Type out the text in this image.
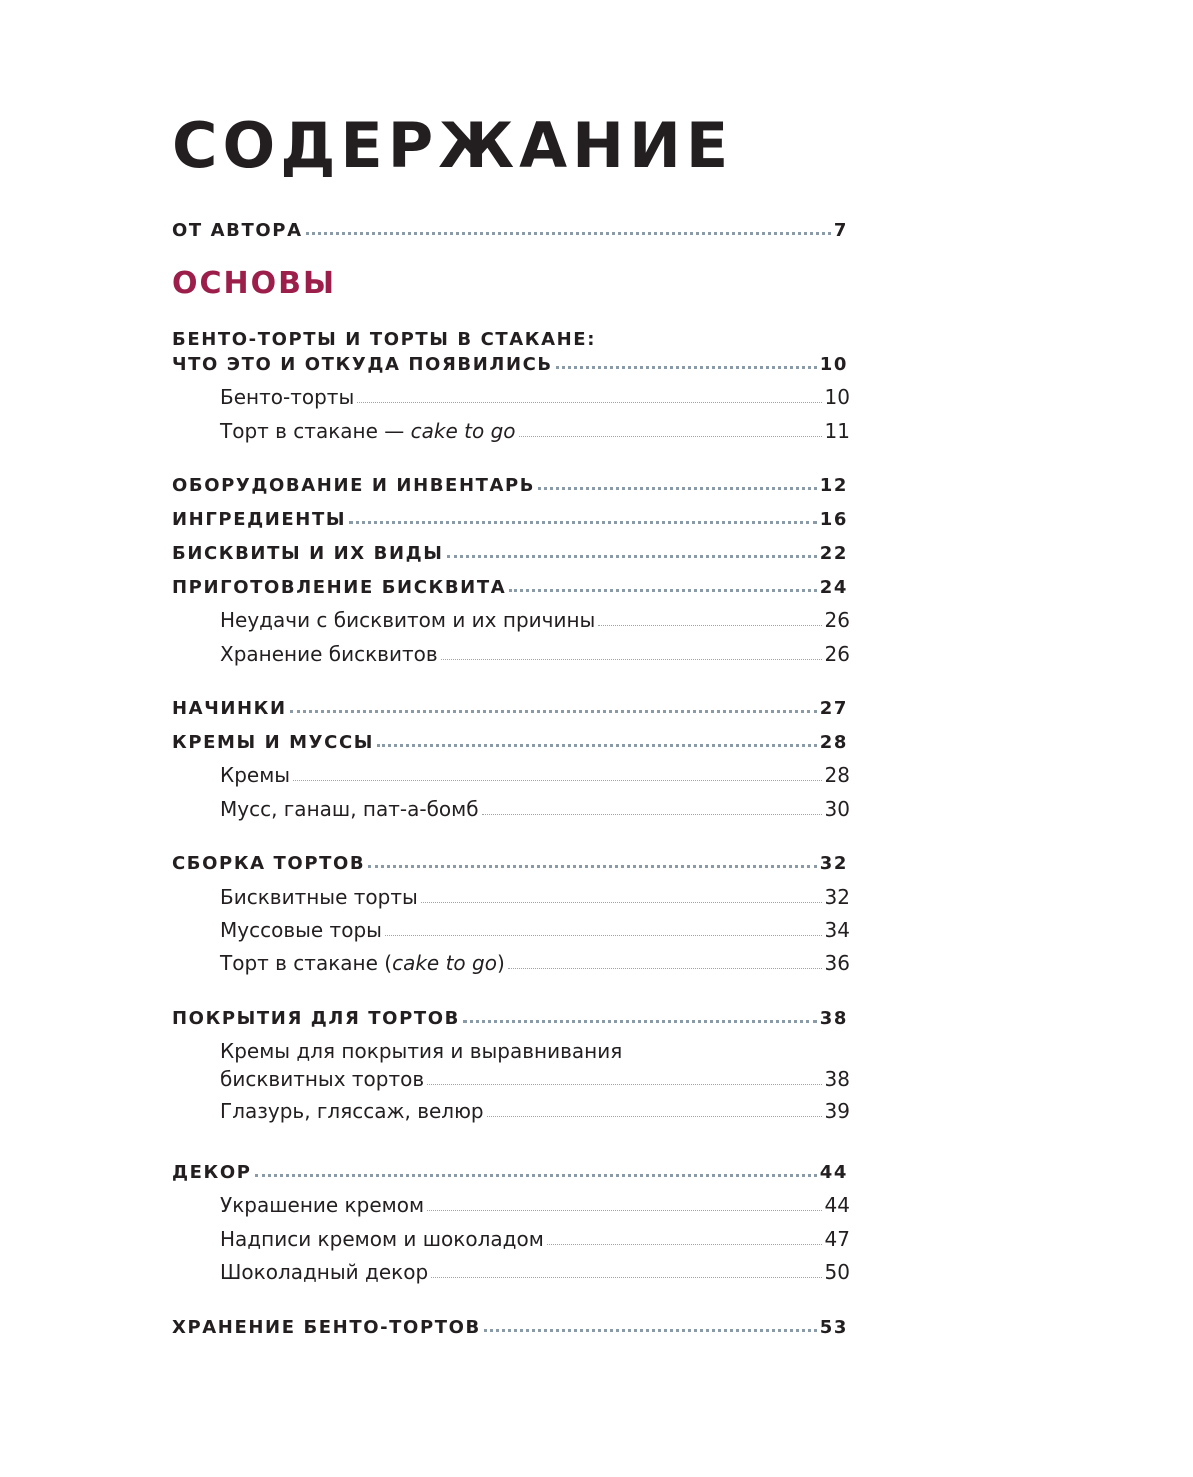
СОДЕРЖАНИЕ
ОТ АВТОРА	7
ОСНОВЫ
БЕНТО-ТОРТЫ И ТОРТЫ В СТАКАНЕ:
ЧТО ЭТО И ОТКУДА ПОЯВИЛИСЬ	10
Бенто-торты	10
Торт в стакане — cake to go	11
ОБОРУДОВАНИЕ И ИНВЕНТАРЬ	12
ИНГРЕДИЕНТЫ	16
БИСКВИТЫ И ИХ ВИДЫ	22
ПРИГОТОВЛЕНИЕ БИСКВИТА	24
Неудачи с бисквитом и их причины	26
Хранение бисквитов	26
НАЧИНКИ	27
КРЕМЫ И МУССЫ	28
Кремы	28
Мусс, ганаш, пат-а-бомб	30
СБОРКА ТОРТОВ	32
Бисквитные торты	32
Муссовые торы	34
Торт в стакане (cake to go)	36
ПОКРЫТИЯ ДЛЯ ТОРТОВ	38
Кремы для покрытия и выравнивания
бисквитных тортов	38
Глазурь, гляссаж, велюр	39
ДЕКОР	44
Украшение кремом	44
Надписи кремом и шоколадом	47
Шоколадный декор	50
ХРАНЕНИЕ БЕНТО-ТОРТОВ	53
